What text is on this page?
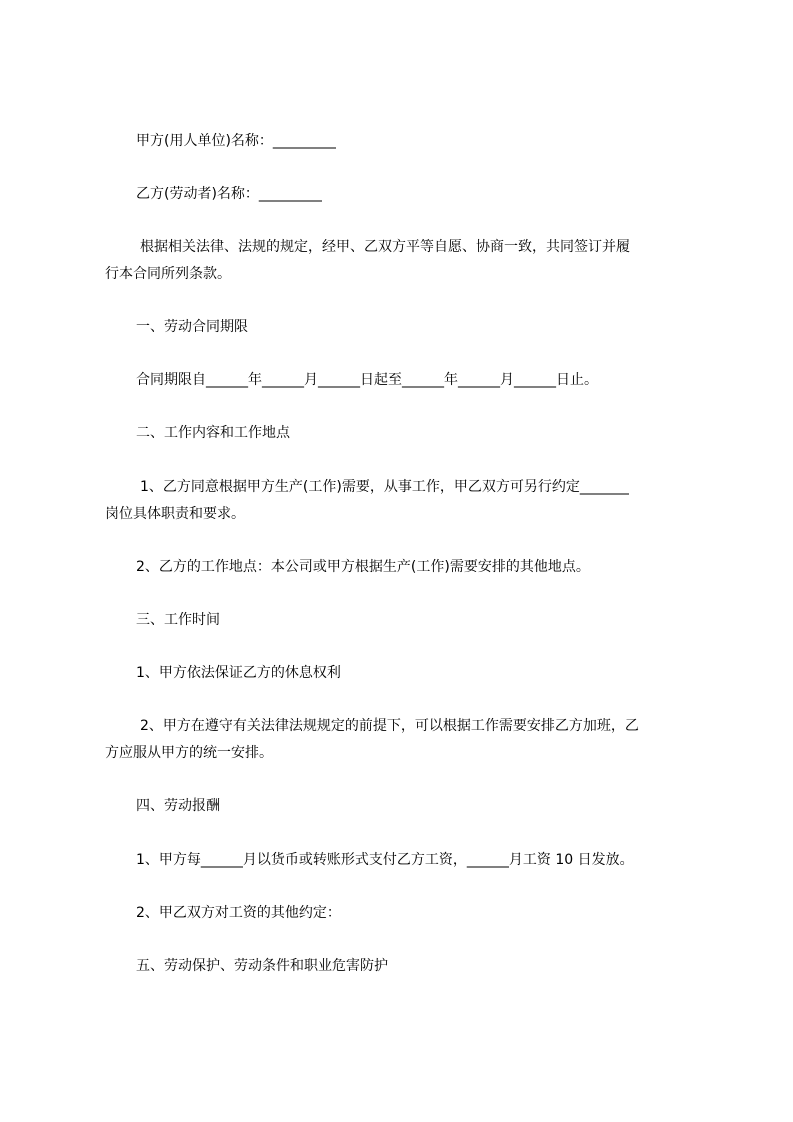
甲方(用人单位)名称：_________
乙方(劳动者)名称：_________
根据相关法律、法规的规定，经甲、乙双方平等自愿、协商一致，共同签订并履
行本合同所列条款。
一、劳动合同期限
合同期限自______年______月______日起至______年______月______日止。
二、工作内容和工作地点
1、乙方同意根据甲方生产(工作)需要，从事工作，甲乙双方可另行约定_______
岗位具体职责和要求。
2、乙方的工作地点：本公司或甲方根据生产(工作)需要安排的其他地点。
三、工作时间
1、甲方依法保证乙方的休息权利
2、甲方在遵守有关法律法规规定的前提下，可以根据工作需要安排乙方加班，乙
方应服从甲方的统一安排。
四、劳动报酬
1、甲方每______月以货币或转账形式支付乙方工资，______月工资 10 日发放。
2、甲乙双方对工资的其他约定：
五、劳动保护、劳动条件和职业危害防护
